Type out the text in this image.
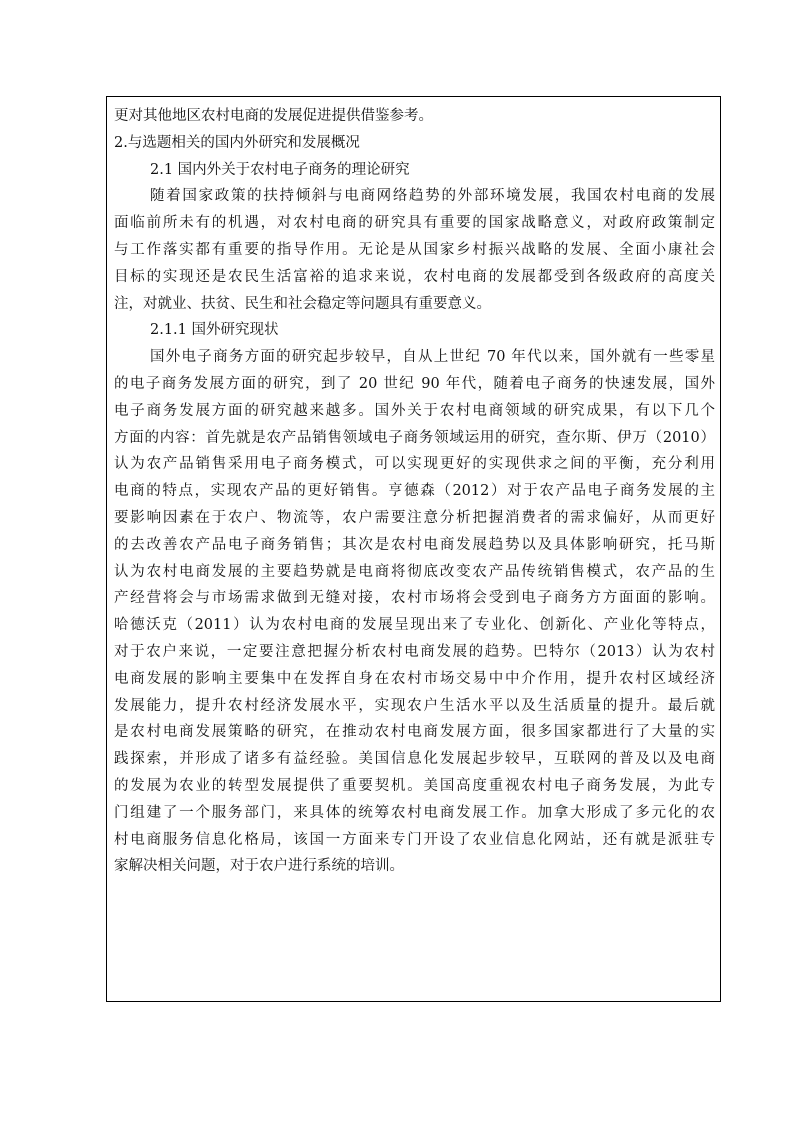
更对其他地区农村电商的发展促进提供借鉴参考。
2.与选题相关的国内外研究和发展概况
2.1 国内外关于农村电子商务的理论研究
随着国家政策的扶持倾斜与电商网络趋势的外部环境发展，我国农村电商的发展
面临前所未有的机遇，对农村电商的研究具有重要的国家战略意义，对政府政策制定
与工作落实都有重要的指导作用。无论是从国家乡村振兴战略的发展、全面小康社会
目标的实现还是农民生活富裕的追求来说，农村电商的发展都受到各级政府的高度关
注，对就业、扶贫、民生和社会稳定等问题具有重要意义。
2.1.1 国外研究现状
国外电子商务方面的研究起步较早，自从上世纪 70 年代以来，国外就有一些零星
的电子商务发展方面的研究，到了 20 世纪 90 年代，随着电子商务的快速发展，国外
电子商务发展方面的研究越来越多。国外关于农村电商领域的研究成果，有以下几个
方面的内容：首先就是农产品销售领域电子商务领域运用的研究，查尔斯、伊万（2010）
认为农产品销售采用电子商务模式，可以实现更好的实现供求之间的平衡，充分利用
电商的特点，实现农产品的更好销售。亨德森（2012）对于农产品电子商务发展的主
要影响因素在于农户、物流等，农户需要注意分析把握消费者的需求偏好，从而更好
的去改善农产品电子商务销售；其次是农村电商发展趋势以及具体影响研究，托马斯
认为农村电商发展的主要趋势就是电商将彻底改变农产品传统销售模式，农产品的生
产经营将会与市场需求做到无缝对接，农村市场将会受到电子商务方方面面的影响。
哈德沃克（2011）认为农村电商的发展呈现出来了专业化、创新化、产业化等特点，
对于农户来说，一定要注意把握分析农村电商发展的趋势。巴特尔（2013）认为农村
电商发展的影响主要集中在发挥自身在农村市场交易中中介作用，提升农村区域经济
发展能力，提升农村经济发展水平，实现农户生活水平以及生活质量的提升。最后就
是农村电商发展策略的研究，在推动农村电商发展方面，很多国家都进行了大量的实
践探索，并形成了诸多有益经验。美国信息化发展起步较早，互联网的普及以及电商
的发展为农业的转型发展提供了重要契机。美国高度重视农村电子商务发展，为此专
门组建了一个服务部门，来具体的统筹农村电商发展工作。加拿大形成了多元化的农
村电商服务信息化格局，该国一方面来专门开设了农业信息化网站，还有就是派驻专
家解决相关问题，对于农户进行系统的培训。
